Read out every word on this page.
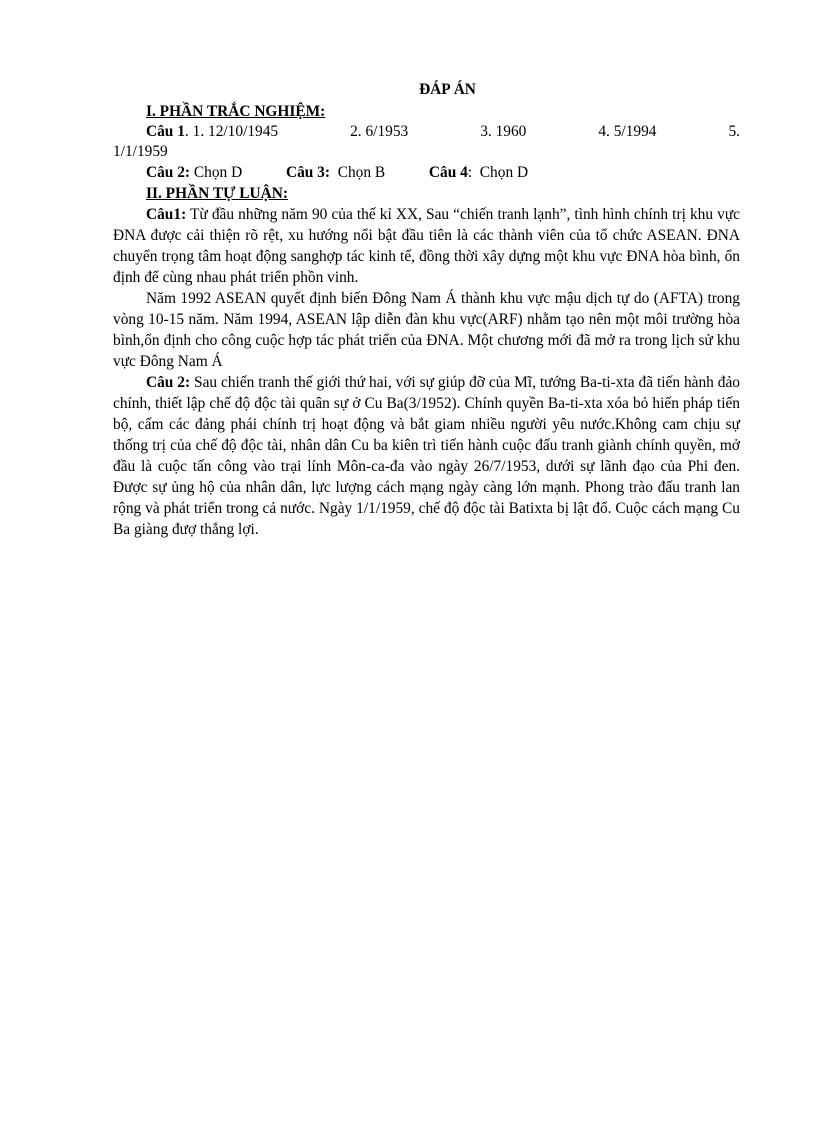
ĐÁP ÁN

I. PHẦN TRẮC NGHIỆM:

Câu 1. 1. 12/10/1945	2. 6/1953	3. 1960	4. 5/1994	5.

1/1/1959

Câu 2: Chọn D	Câu 3: Chọn B	Câu 4:  Chọn D

II. PHẦN TỰ LUẬN:

Câu1: Từ đầu những năm 90 của thế kỉ XX, Sau “chiến tranh lạnh”, tình hình chính trị khu vực ĐNA được cải thiện rõ rệt, xu hướng nổi bật đầu tiên là các thành viên của tổ chức ASEAN. ĐNA chuyển trọng tâm hoạt động sanghợp tác kinh tế, đồng thời xây dựng một khu vực ĐNA hòa bình, ổn định để cùng nhau phát triển phồn vinh.

Năm 1992 ASEAN quyết định biến Đông Nam Á thành khu vực mậu dịch tự do (AFTA) trong vòng 10-15 năm. Năm 1994, ASEAN lập diễn đàn khu vực(ARF) nhằm tạo nên một môi trường hòa bình,ổn định cho công cuộc hợp tác phát triển của ĐNA. Một chương mới đã mở ra trong lịch sử khu vực Đông Nam Á

Câu 2: Sau chiến tranh thế giới thứ hai, với sự giúp đỡ của Mĩ, tướng Ba-ti-xta đã tiến hành đảo chính, thiết lập chế độ độc tài quân sự ở Cu Ba(3/1952). Chính quyền Ba-ti-xta xóa bỏ hiến pháp tiến bộ, cấm các đảng phái chính trị hoạt động và bắt giam nhiều người yêu nước.Không cam chịu sự thống trị của chế độ độc tài, nhân dân Cu ba kiên trì tiến hành cuộc đấu tranh giành chính quyền, mở đầu là cuộc tấn công vào trại lính Môn-ca-đa vào ngày 26/7/1953, dưới sự lãnh đạo của Phi đen. Được sự ủng hộ của nhân dân, lực lượng cách mạng ngày càng lớn mạnh. Phong trào đấu tranh lan rộng và phát triển trong cả nước. Ngày 1/1/1959, chế độ độc tài Batixta bị lật đổ. Cuộc cách mạng Cu Ba giàng đượ thắng lợi.
